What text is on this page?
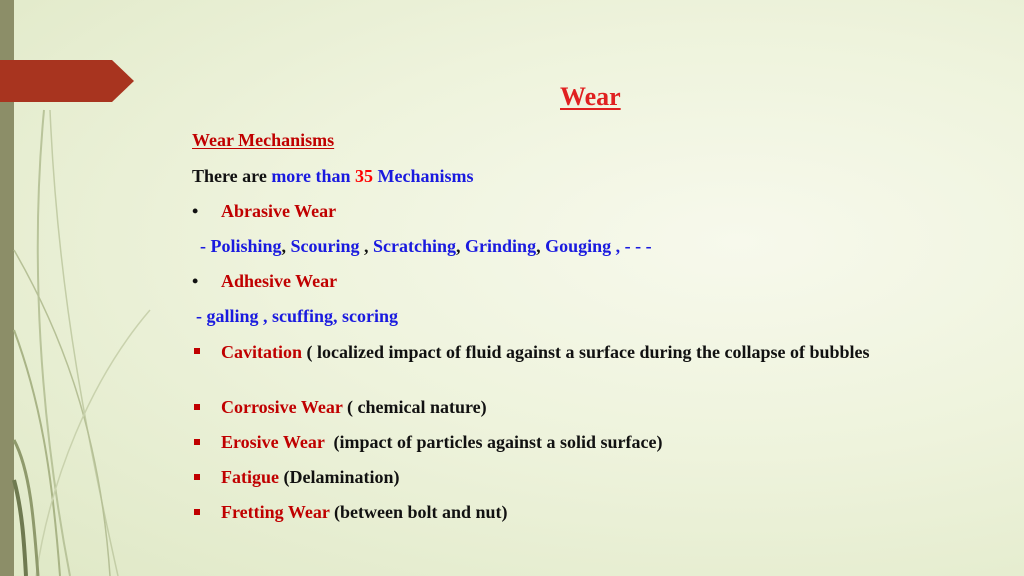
Wear
Wear Mechanisms
There are more than 35 Mechanisms
• Abrasive Wear
- Polishing, Scouring , Scratching, Grinding, Gouging , - - -
• Adhesive Wear
- galling , scuffing, scoring
Cavitation ( localized impact of fluid against a surface during the collapse of bubbles
Corrosive Wear ( chemical nature)
Erosive Wear  (impact of particles against a solid surface)
Fatigue (Delamination)
Fretting Wear (between bolt and nut)
